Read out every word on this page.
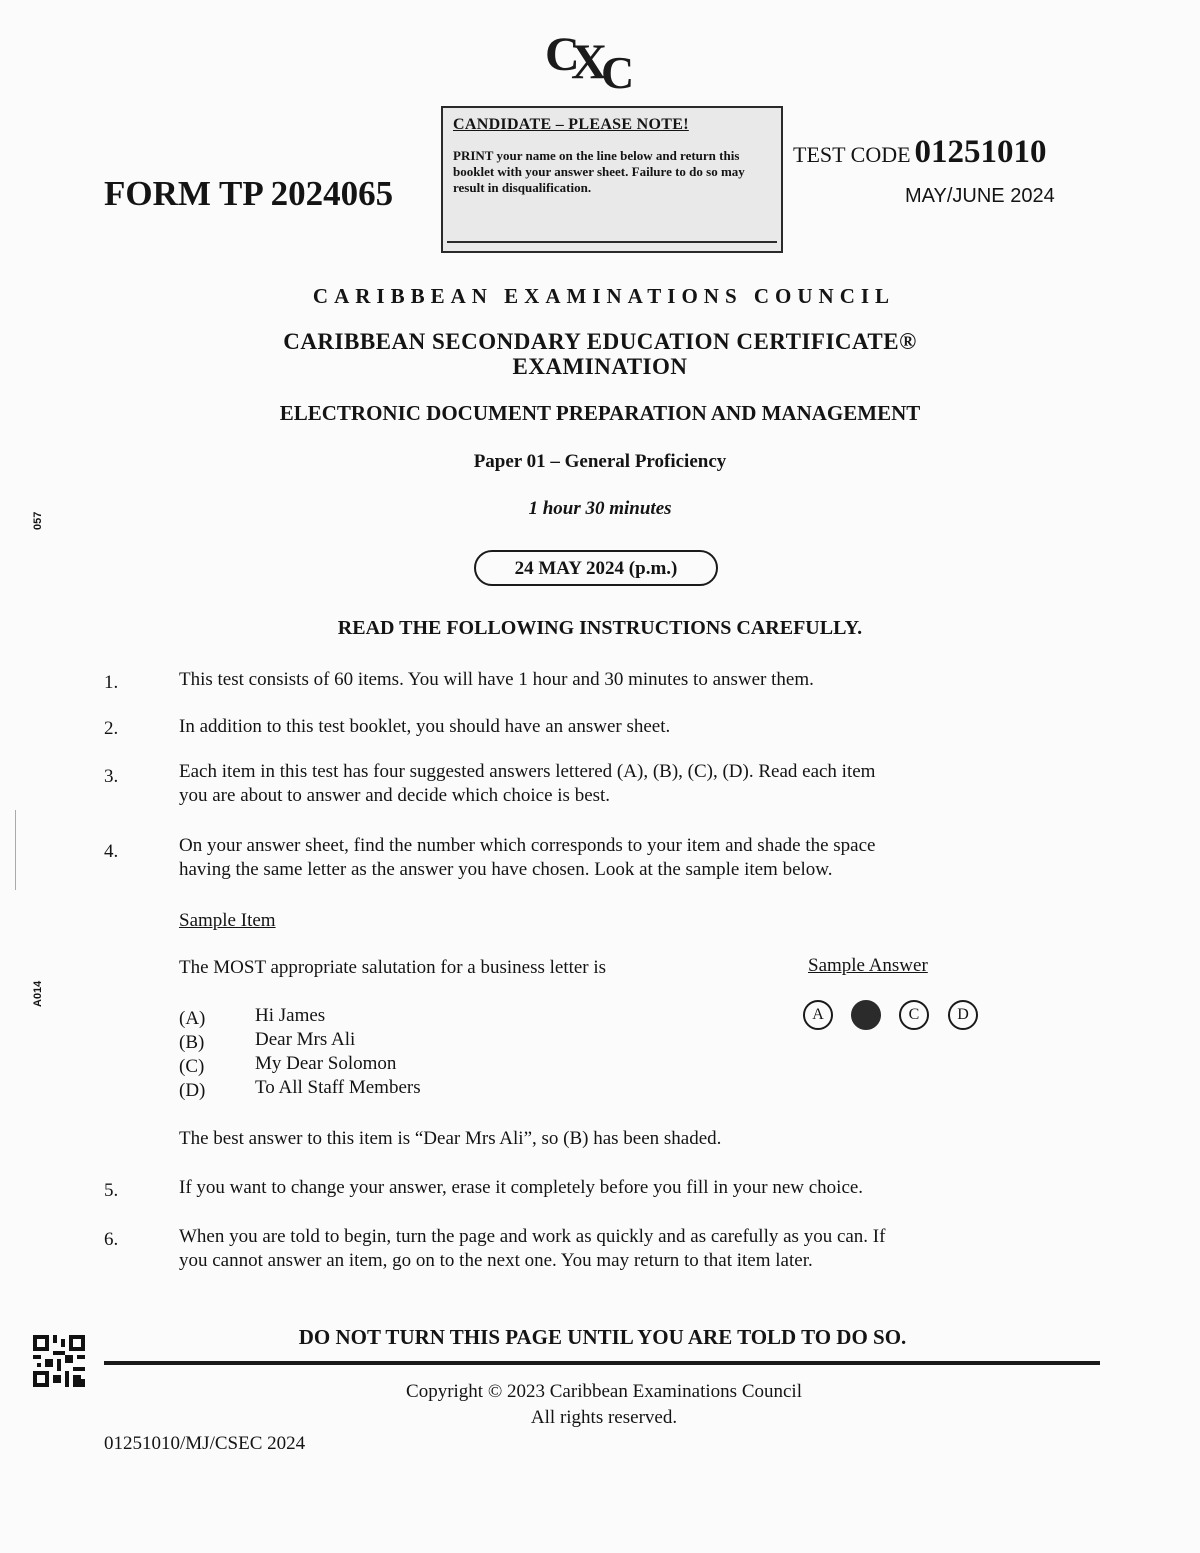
C
X
C
CANDIDATE – PLEASE NOTE!
PRINT your name on the line below and return this booklet with your answer sheet. Failure to do so may result in disqualification.
FORM TP 2024065
TEST CODE 01251010
MAY/JUNE 2024
CARIBBEAN EXAMINATIONS COUNCIL
CARIBBEAN SECONDARY EDUCATION CERTIFICATE®
EXAMINATION
ELECTRONIC DOCUMENT PREPARATION AND MANAGEMENT
Paper 01 – General Proficiency
1 hour 30 minutes
24 MAY 2024 (p.m.)
READ THE FOLLOWING INSTRUCTIONS CAREFULLY.
1.	This test consists of 60 items. You will have 1 hour and 30 minutes to answer them.
2.	In addition to this test booklet, you should have an answer sheet.
3.	Each item in this test has four suggested answers lettered (A), (B), (C), (D). Read each item
you are about to answer and decide which choice is best.
4.	On your answer sheet, find the number which corresponds to your item and shade the space
having the same letter as the answer you have chosen. Look at the sample item below.
Sample Item
The MOST appropriate salutation for a business letter is	Sample Answer
(A)	Hi James
(B)	Dear Mrs Ali
(C)	My Dear Solomon
(D)	To All Staff Members
A	C	D
The best answer to this item is “Dear Mrs Ali”, so (B) has been shaded.
5.	If you want to change your answer, erase it completely before you fill in your new choice.
6.	When you are told to begin, turn the page and work as quickly and as carefully as you can. If
you cannot answer an item, go on to the next one. You may return to that item later.
DO NOT TURN THIS PAGE UNTIL YOU ARE TOLD TO DO SO.
Copyright © 2023 Caribbean Examinations Council
All rights reserved.
01251010/MJ/CSEC 2024
057
A014
